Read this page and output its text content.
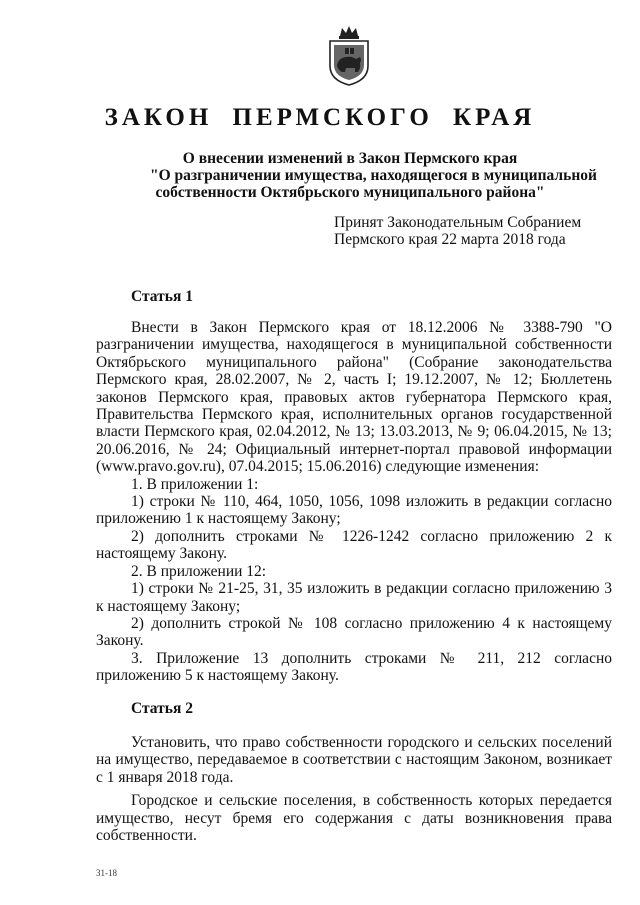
ЗАКОН ПЕРМСКОГО КРАЯ
О внесении изменений в Закон Пермского края
"О разграничении имущества, находящегося в муниципальной
собственности Октябрьского муниципального района"
Принят Законодательным Собранием
Пермского края 22 марта 2018 года
Статья 1

Внести в Закон Пермского края от 18.12.2006 № 3388-790 "О разграничении имущества, находящегося в муниципальной собственности Октябрьского муниципального района" (Собрание законодательства Пермского края, 28.02.2007, № 2, часть I; 19.12.2007, № 12; Бюллетень законов Пермского края, правовых актов губернатора Пермского края, Правительства Пермского края, исполнительных органов государственной власти Пермского края, 02.04.2012, № 13; 13.03.2013, № 9; 06.04.2015, № 13; 20.06.2016, № 24; Официальный интернет-портал правовой информации (www.pravo.gov.ru), 07.04.2015; 15.06.2016) следующие изменения:

1. В приложении 1:

1) строки № 110, 464, 1050, 1056, 1098 изложить в редакции согласно приложению 1 к настоящему Закону;

2) дополнить строками № 1226-1242 согласно приложению 2 к настоящему Закону.

2. В приложении 12:

1) строки № 21-25, 31, 35 изложить в редакции согласно приложению 3 к настоящему Закону;

2) дополнить строкой № 108 согласно приложению 4 к настоящему Закону.

3. Приложение 13 дополнить строками № 211, 212 согласно приложению 5 к настоящему Закону.

Статья 2

Установить, что право собственности городского и сельских поселений на имущество, передаваемое в соответствии с настоящим Законом, возникает с 1 января 2018 года.

Городское и сельские поселения, в собственность которых передается имущество, несут бремя его содержания с даты возникновения права собственности.

31-18
